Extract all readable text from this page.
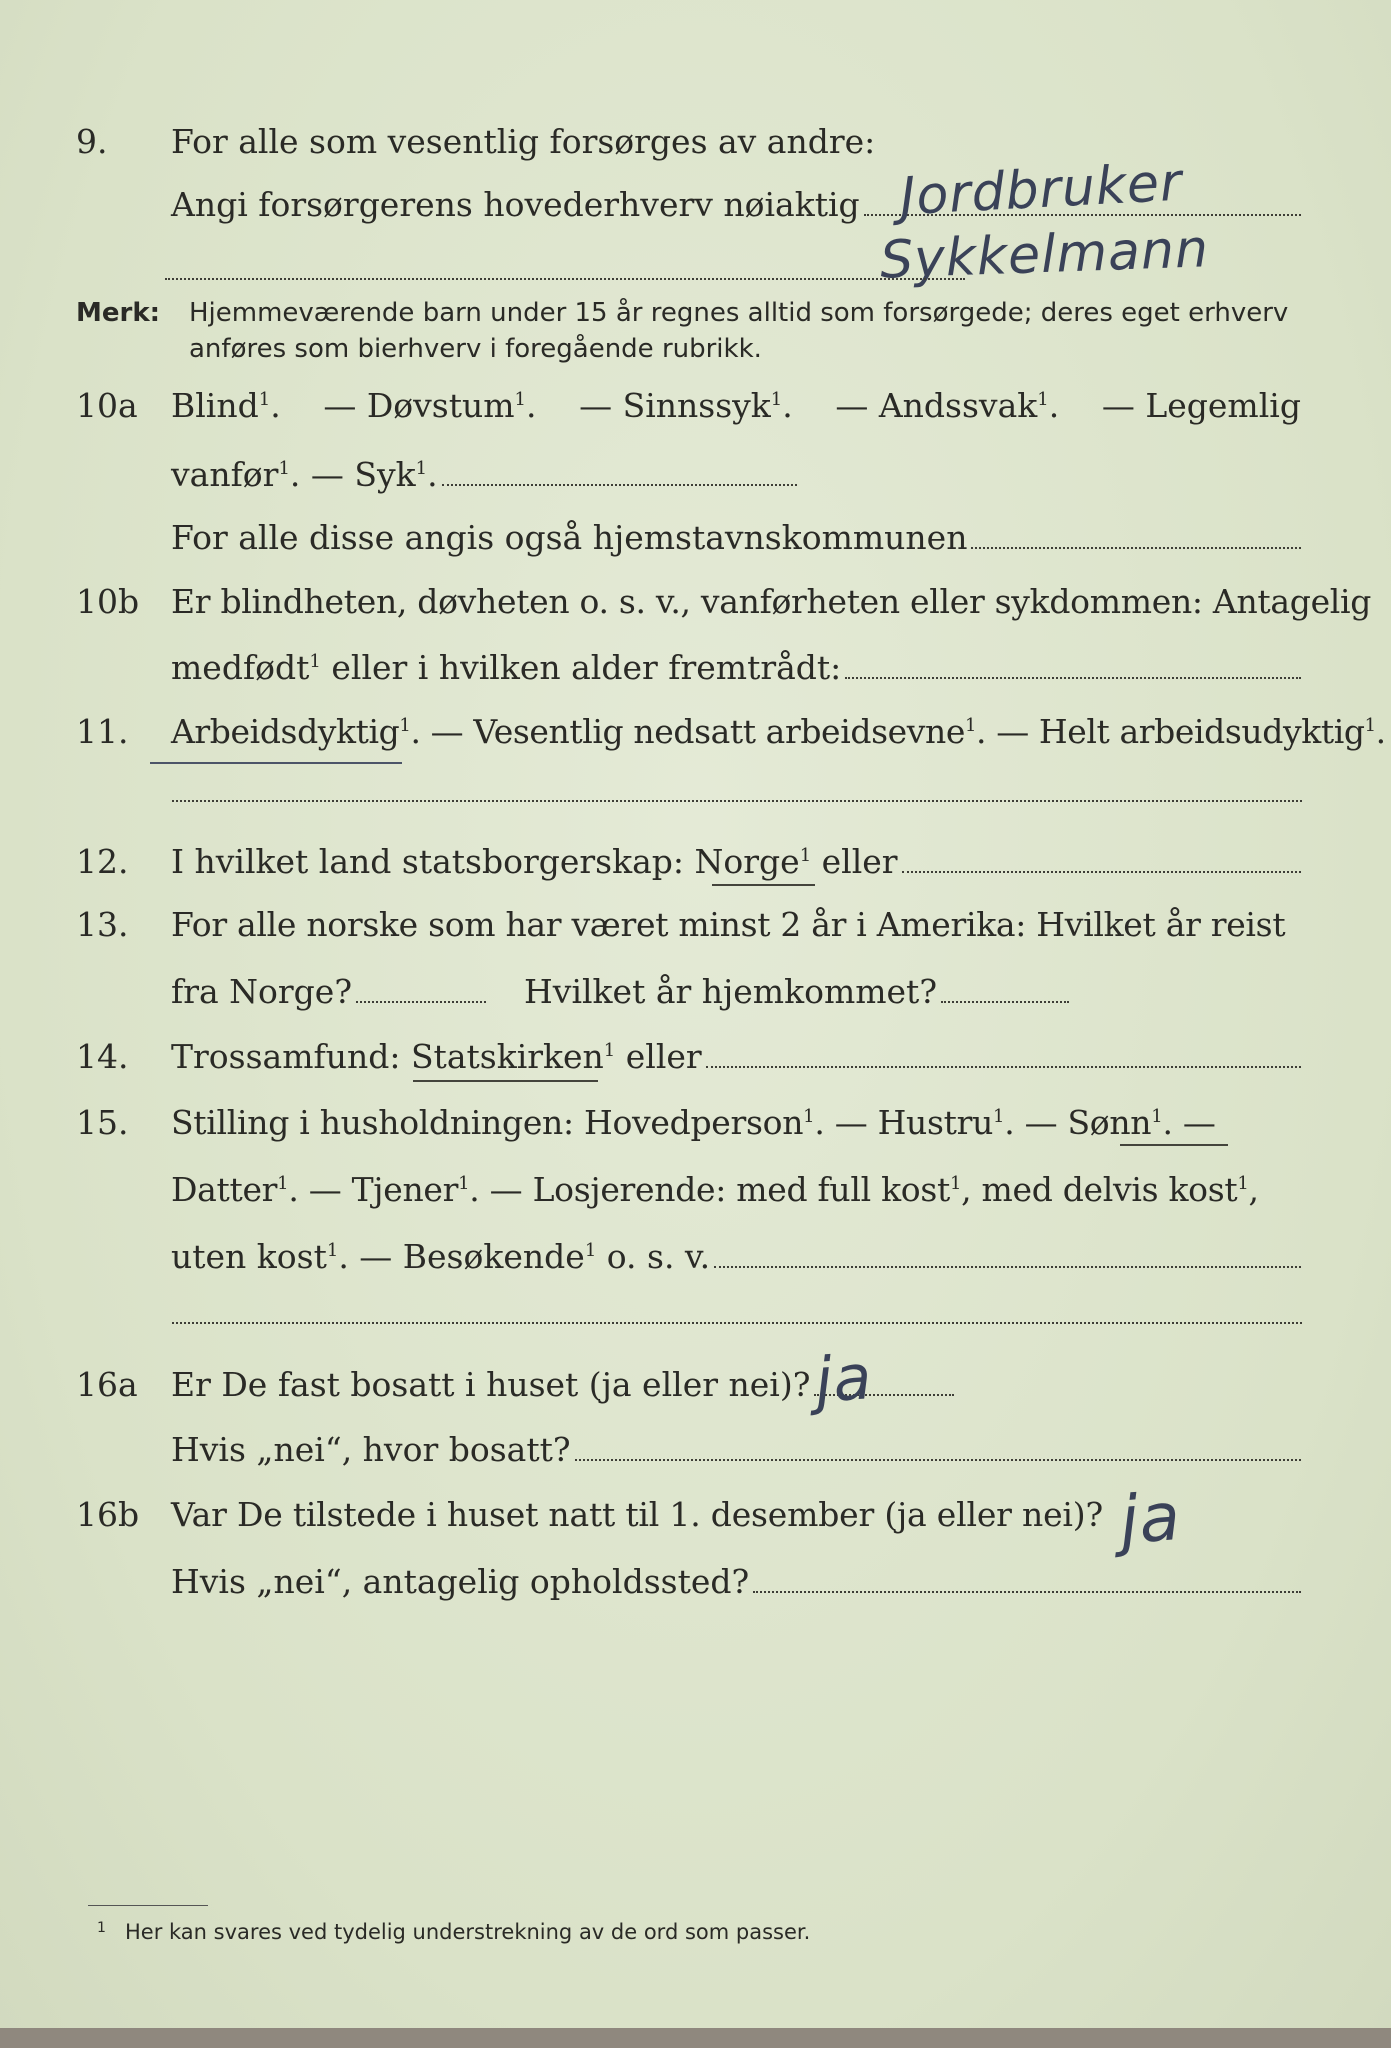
9.	For alle som vesentlig forsørges av andre:
Angi forsørgerens hovederhverv nøiaktig Jordbruker
Sykkelmann
Merk: Hjemmeværende barn under 15 år regnes alltid som forsørgede; deres eget erhverv
anføres som bierhverv i foregående rubrikk.
10a	Blind$^1$. — Døvstum$^1$. — Sinnssyk$^1$. — Andssvak$^1$. — Legemlig
vanfør$^1$. — Syk$^1$.
For alle disse angis også hjemstavnskommunen
10b Er blindheten, døvheten o. s. v., vanførheten eller sykdommen: Antagelig
medfødt$^1$ eller i hvilken alder fremtrådt:
11.	Arbeidsdyktig$^1$. — Vesentlig nedsatt arbeidsevne$^1$. — Helt arbeidsudyktig$^1$.
12.	I hvilket land statsborgerskap: Norge$^1$ eller
13.	For alle norske som har været minst 2 år i Amerika: Hvilket år reist
fra Norge?	Hvilket år hjemkommet?
14.	Trossamfund: Statskirken$^1$ eller
15.	Stilling i husholdningen: Hovedperson$^1$. — Hustru$^1$. — Sønn$^1$. —
Datter$^1$. — Tjener$^1$. — Losjerende: med full kost$^1$, med delvis kost$^1$,
uten kost$^1$. — Besøkende$^1$ o. s. v.
16a	Er De fast bosatt i huset (ja eller nei)? ja
Hvis „nei“, hvor bosatt?
16b Var De tilstede i huset natt til 1. desember (ja eller nei)? ja
Hvis „nei“, antagelig opholdssted?
1 Her kan svares ved tydelig understrekning av de ord som passer.
